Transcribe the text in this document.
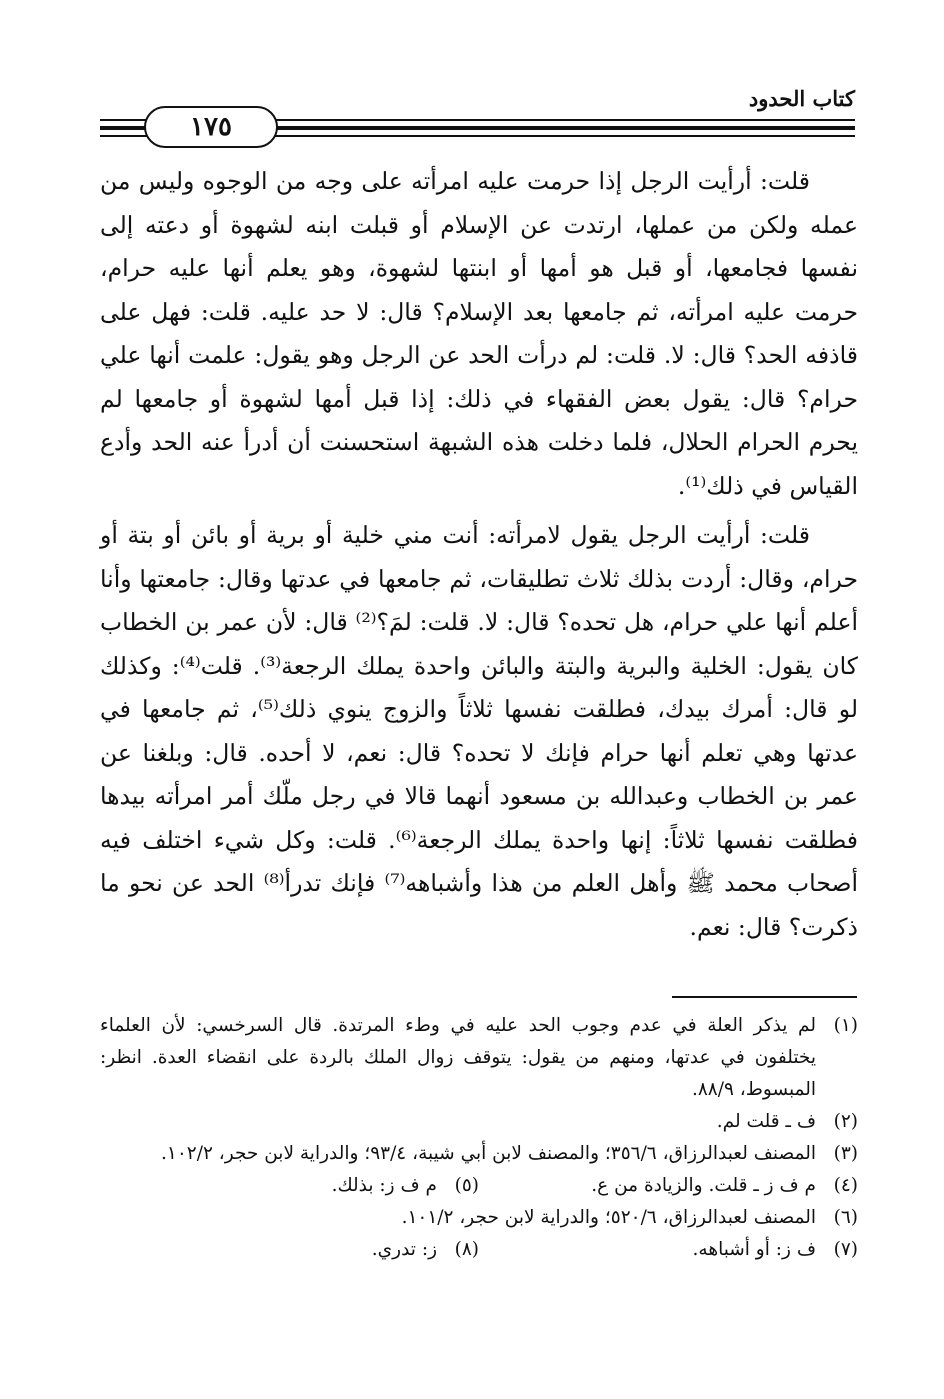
كتاب الحدود
١٧٥

قلت: أرأيت الرجل إذا حرمت عليه امرأته على وجه من الوجوه وليس من عمله ولكن من عملها، ارتدت عن الإسلام أو قبلت ابنه لشهوة أو دعته إلى نفسها فجامعها، أو قبل هو أمها أو ابنتها لشهوة، وهو يعلم أنها عليه حرام، حرمت عليه امرأته، ثم جامعها بعد الإسلام؟ قال: لا حد عليه. قلت: فهل على قاذفه الحد؟ قال: لا. قلت: لم درأت الحد عن الرجل وهو يقول: علمت أنها علي حرام؟ قال: يقول بعض الفقهاء في ذلك: إذا قبل أمها لشهوة أو جامعها لم يحرم الحرام الحلال، فلما دخلت هذه الشبهة استحسنت أن أدرأ عنه الحد وأدع القياس في ذلك⁽¹⁾.

قلت: أرأيت الرجل يقول لامرأته: أنت مني خلية أو برية أو بائن أو بتة أو حرام، وقال: أردت بذلك ثلاث تطليقات، ثم جامعها في عدتها وقال: جامعتها وأنا أعلم أنها علي حرام، هل تحده؟ قال: لا. قلت: لمَ؟⁽²⁾ قال: لأن عمر بن الخطاب كان يقول: الخلية والبرية والبتة والبائن واحدة يملك الرجعة⁽³⁾. قلت⁽⁴⁾: وكذلك لو قال: أمرك بيدك، فطلقت نفسها ثلاثاً والزوج ينوي ذلك⁽⁵⁾، ثم جامعها في عدتها وهي تعلم أنها حرام فإنك لا تحده؟ قال: نعم، لا أحده. قال: وبلغنا عن عمر بن الخطاب وعبدالله بن مسعود أنهما قالا في رجل ملّك أمر امرأته بيدها فطلقت نفسها ثلاثاً: إنها واحدة يملك الرجعة⁽⁶⁾. قلت: وكل شيء اختلف فيه أصحاب محمد ﷺ وأهل العلم من هذا وأشباهه⁽⁷⁾ فإنك تدرأ⁽⁸⁾ الحد عن نحو ما ذكرت؟ قال: نعم.

(١)
لم يذكر العلة في عدم وجوب الحد عليه في وطء المرتدة. قال السرخسي: لأن العلماء يختلفون في عدتها، ومنهم من يقول: يتوقف زوال الملك بالردة على انقضاء العدة. انظر: المبسوط، ٨٨/٩.
(٢)
ف ـ قلت لم.
(٣)
المصنف لعبدالرزاق، ٣٥٦/٦؛ والمصنف لابن أبي شيبة، ٩٣/٤؛ والدراية لابن حجر، ١٠٢/٢.
(٤)
م ف ز ـ قلت. والزيادة من ع.
(٥)
م ف ز: بذلك.
(٦)
المصنف لعبدالرزاق، ٥٢٠/٦؛ والدراية لابن حجر، ١٠١/٢.
(٧)
ف ز: أو أشباهه.
(٨)
ز: تدري.
